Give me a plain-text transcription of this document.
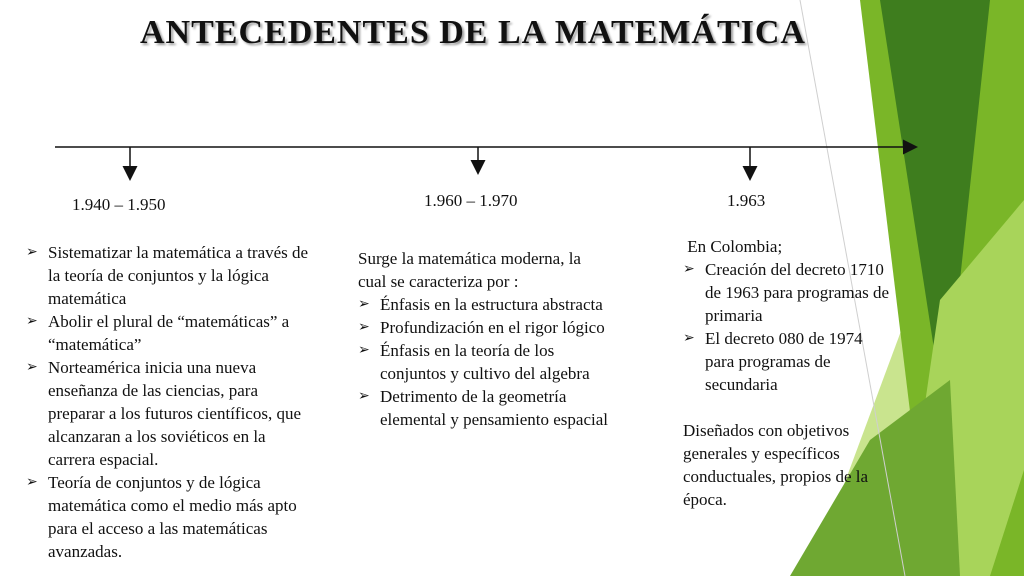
ANTECEDENTES DE LA MATEMÁTICA
1.940 – 1.950	1.960 – 1.970	1.963
➢ Sistematizar la matemática a través de la teoría de conjuntos y la lógica matemática
➢ Abolir el plural de “matemáticas” a “matemática”
➢ Norteamérica inicia una nueva enseñanza de las ciencias, para preparar a los futuros científicos, que alcanzaran a los soviéticos en la carrera espacial.
➢ Teoría de conjuntos y de lógica matemática como el medio más apto para el acceso a las matemáticas avanzadas.

Surge la matemática moderna, la cual se caracteriza por :

➢ Énfasis en la estructura abstracta
➢ Profundización en el rigor lógico
➢ Énfasis en la teoría de los conjuntos y cultivo del algebra
➢ Detrimento de la geometría elemental y pensamiento espacial

En Colombia;

➢ Creación del decreto 1710 de 1963 para programas de primaria
➢ El decreto 080 de 1974 para programas de secundaria

Diseñados con objetivos generales y específicos conductuales, propios de la época.
